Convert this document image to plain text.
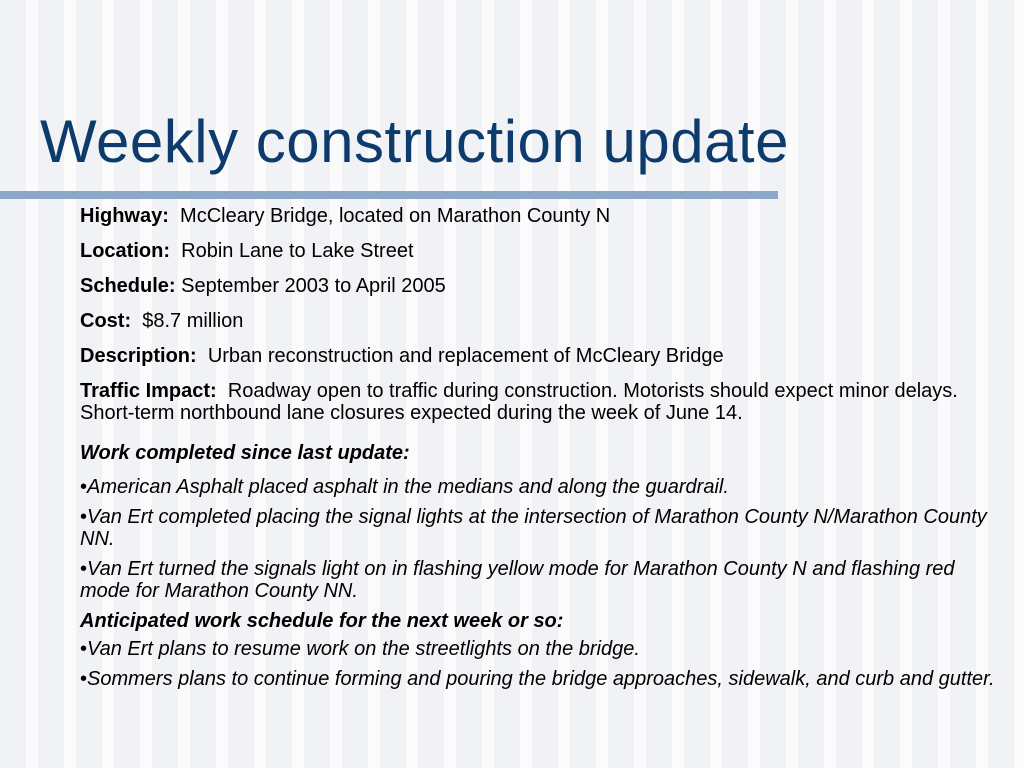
Weekly construction update

Highway: McCleary Bridge, located on Marathon County N

Location: Robin Lane to Lake Street

Schedule: September 2003 to April 2005

Cost: $8.7 million

Description: Urban reconstruction and replacement of McCleary Bridge

Traffic Impact: Roadway open to traffic during construction. Motorists should expect minor delays. Short-term northbound lane closures expected during the week of June 14.

Work completed since last update:

•American Asphalt placed asphalt in the medians and along the guardrail.

•Van Ert completed placing the signal lights at the intersection of Marathon County N/Marathon County NN.

•Van Ert turned the signals light on in flashing yellow mode for Marathon County N and flashing red mode for Marathon County NN.

Anticipated work schedule for the next week or so:

•Van Ert plans to resume work on the streetlights on the bridge.

•Sommers plans to continue forming and pouring the bridge approaches, sidewalk, and curb and gutter.
